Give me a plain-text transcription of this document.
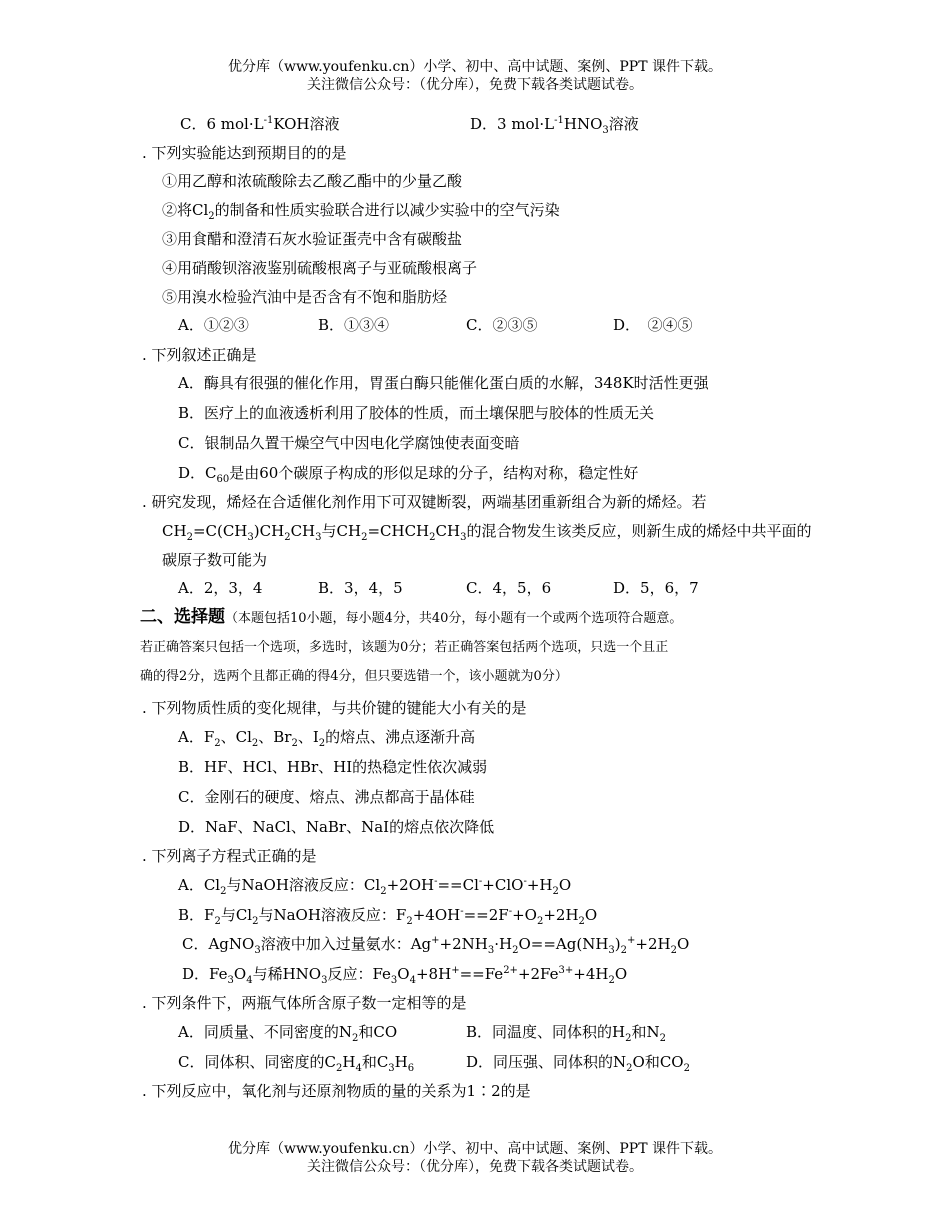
优分库（www.youfenku.cn）小学、初中、高中试题、案例、PPT 课件下载。
关注微信公众号：（优分库），免费下载各类试题试卷。
C．6 $mol\cdot L^{-1}KOH$溶液	D．3 $mol\cdot L^{-1}HNO_3$溶液
. 下列实验能达到预期目的的是
①用乙醇和浓硫酸除去乙酸乙酯中的少量乙酸
②将$Cl_2$的制备和性质实验联合进行以减少实验中的空气污染
③用食醋和澄清石灰水验证蛋壳中含有碳酸盐
④用硝酸钡溶液鉴别硫酸根离子与亚硫酸根离子
⑤用溴水检验汽油中是否含有不饱和脂肪烃
A．①②③	B．①③④	C．②③⑤	D．　②④⑤
. 下列叙述正确是
A．酶具有很强的催化作用，胃蛋白酶只能催化蛋白质的水解，348K时活性更强
B．医疗上的血液透析利用了胶体的性质，而土壤保肥与胶体的性质无关
C．银制品久置干燥空气中因电化学腐蚀使表面变暗
D．$C_{60}$是由60个碳原子构成的形似足球的分子，结构对称，稳定性好
. 研究发现，烯烃在合适催化剂作用下可双键断裂，两端基团重新组合为新的烯烃。若
$CH_2=C(CH_3)CH_2CH_3$与$CH_2=CHCH_2CH_3$的混合物发生该类反应，则新生成的烯烃中共平面的
碳原子数可能为
A．2，3，4	B．3，4，5	C．4，5，6	D．5，6，7
二、选择题（本题包括10小题，每小题4分，共40分，每小题有一个或两个选项符合题意。
若正确答案只包括一个选项，多选时，该题为0分；若正确答案包括两个选项，只选一个且正
确的得2分，选两个且都正确的得4分，但只要选错一个，该小题就为0分）
. 下列物质性质的变化规律，与共价键的键能大小有关的是
A．$F_2$、$Cl_2$、$Br_2$、$I_2$的熔点、沸点逐渐升高
B．HF、HCl、HBr、HI的热稳定性依次减弱
C．金刚石的硬度、熔点、沸点都高于晶体硅
D．NaF、NaCl、NaBr、NaI的熔点依次降低
. 下列离子方程式正确的是
A．$Cl_2$与NaOH溶液反应：$Cl_2+2OH^-==Cl^-+ClO^-+H_2O$
B．$F_2$与$Cl_2$与NaOH溶液反应：$F_2+4OH^-==2F^-+O_2+2H_2O$
C．AgNO$_3$溶液中加入过量氨水：$Ag^++2NH_3\cdot H_2O==Ag(NH_3)_2^++2H_2O$
D．$Fe_3O_4$与稀$HNO_3$反应：$Fe_3O_4+8H^+==Fe^{2+}+2Fe^{3+}+4H_2O$
. 下列条件下，两瓶气体所含原子数一定相等的是
A．同质量、不同密度的$N_2$和CO	B．同温度、同体积的$H_2$和$N_2$
C．同体积、同密度的$C_2H_4$和$C_3H_6$	D．同压强、同体积的$N_2O$和$CO_2$
. 下列反应中，氧化剂与还原剂物质的量的关系为1∶2的是
优分库（www.youfenku.cn）小学、初中、高中试题、案例、PPT 课件下载。
关注微信公众号：（优分库），免费下载各类试题试卷。
